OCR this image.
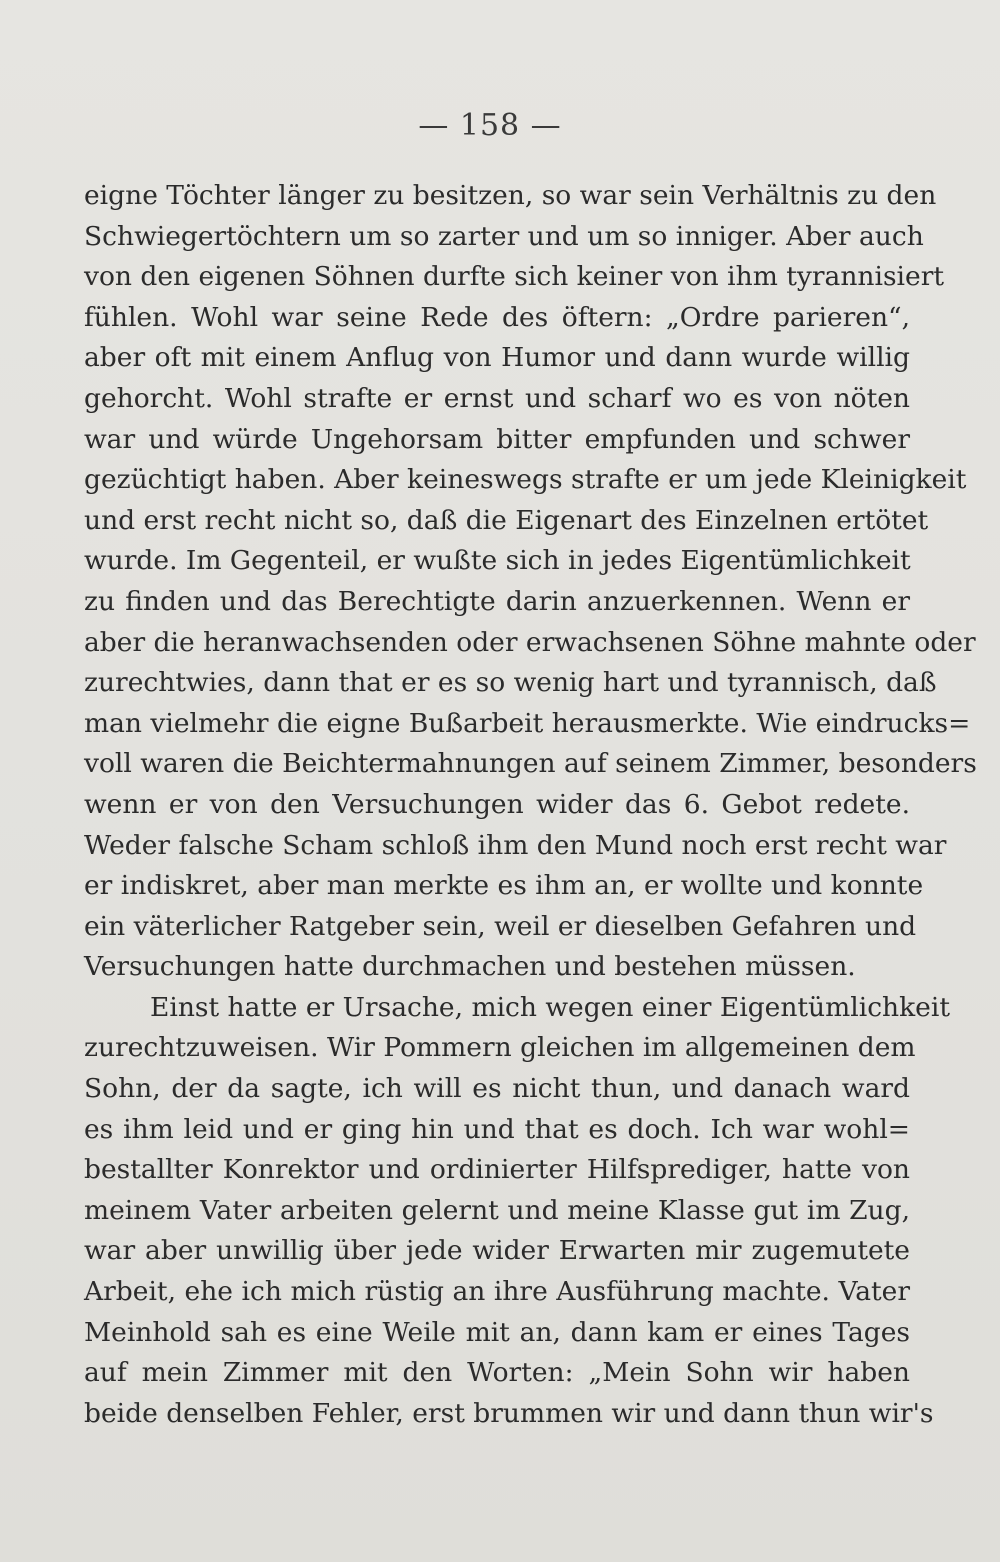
— 158 —
eigne Töchter länger zu besitzen, so war sein Verhältnis zu den
Schwiegertöchtern um so zarter und um so inniger. Aber auch
von den eigenen Söhnen durfte sich keiner von ihm tyrannisiert
fühlen. Wohl war seine Rede des öftern: „Ordre parieren“,
aber oft mit einem Anflug von Humor und dann wurde willig
gehorcht. Wohl strafte er ernst und scharf wo es von nöten
war und würde Ungehorsam bitter empfunden und schwer
gezüchtigt haben. Aber keineswegs strafte er um jede Kleinigkeit
und erst recht nicht so, daß die Eigenart des Einzelnen ertötet
wurde. Im Gegenteil, er wußte sich in jedes Eigentümlichkeit
zu finden und das Berechtigte darin anzuerkennen. Wenn er
aber die heranwachsenden oder erwachsenen Söhne mahnte oder
zurechtwies, dann that er es so wenig hart und tyrannisch, daß
man vielmehr die eigne Bußarbeit herausmerkte. Wie eindrucks=
voll waren die Beichtermahnungen auf seinem Zimmer, besonders
wenn er von den Versuchungen wider das 6. Gebot redete.
Weder falsche Scham schloß ihm den Mund noch erst recht war
er indiskret, aber man merkte es ihm an, er wollte und konnte
ein väterlicher Ratgeber sein, weil er dieselben Gefahren und
Versuchungen hatte durchmachen und bestehen müssen.
Einst hatte er Ursache, mich wegen einer Eigentümlichkeit
zurechtzuweisen. Wir Pommern gleichen im allgemeinen dem
Sohn, der da sagte, ich will es nicht thun, und danach ward
es ihm leid und er ging hin und that es doch. Ich war wohl=
bestallter Konrektor und ordinierter Hilfsprediger, hatte von
meinem Vater arbeiten gelernt und meine Klasse gut im Zug,
war aber unwillig über jede wider Erwarten mir zugemutete
Arbeit, ehe ich mich rüstig an ihre Ausführung machte. Vater
Meinhold sah es eine Weile mit an, dann kam er eines Tages
auf mein Zimmer mit den Worten: „Mein Sohn wir haben
beide denselben Fehler, erst brummen wir und dann thun wir's
